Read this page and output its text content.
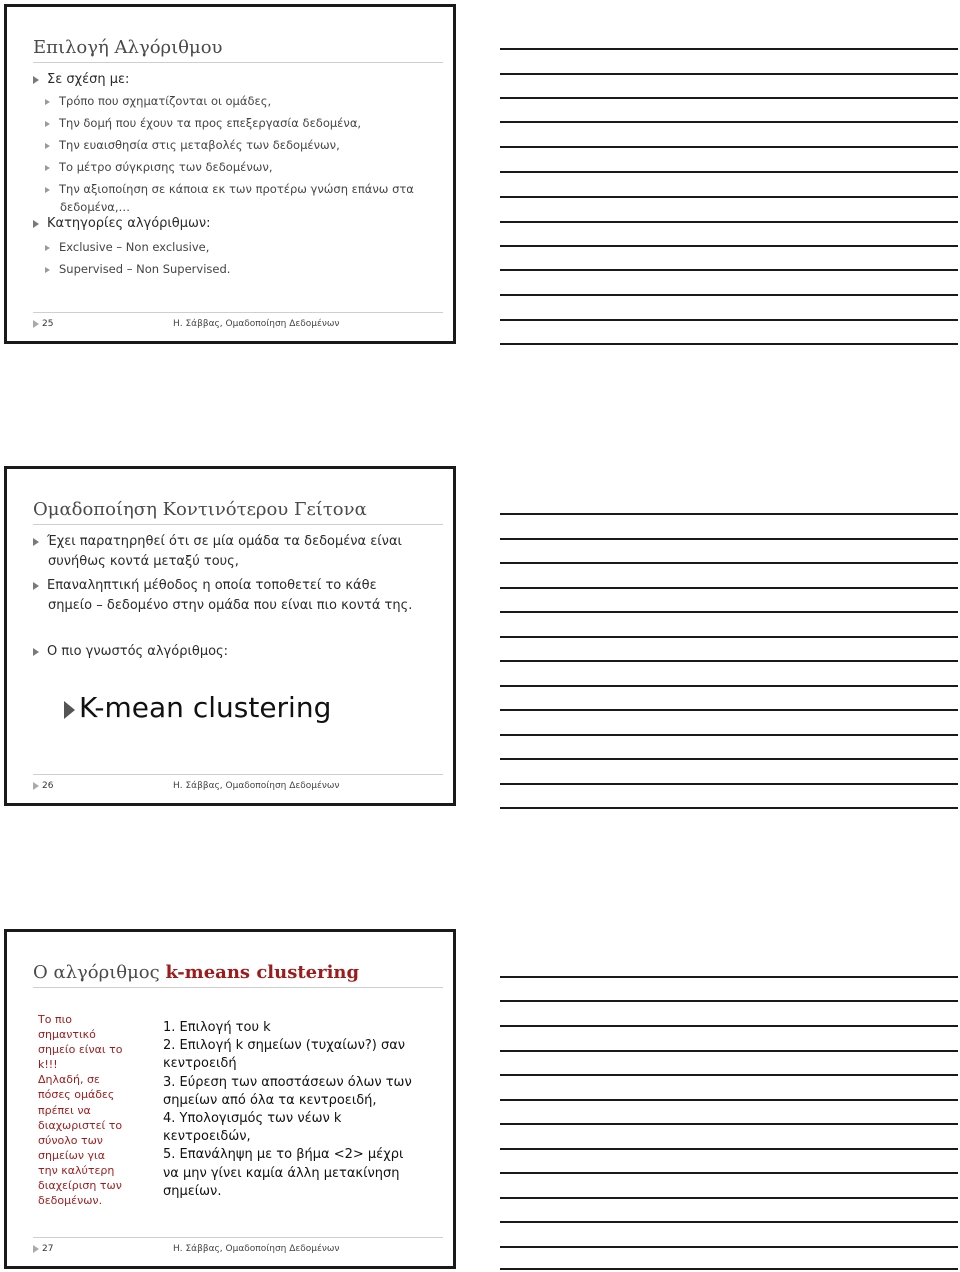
Επιλογή Αλγόριθμου
Σε σχέση με:
Τρόπο που σχηματίζονται οι ομάδες,
Την δομή που έχουν τα προς επεξεργασία δεδομένα,
Την ευαισθησία στις μεταβολές των δεδομένων,
Το μέτρο σύγκρισης των δεδομένων,
Την αξιοποίηση σε κάποια εκ των προτέρω γνώση επάνω στα
δεδομένα,…
Κατηγορίες αλγόριθμων:
Exclusive – Non exclusive,
Supervised – Non Supervised.
25	Η. Σάββας, Ομαδοποίηση Δεδομένων
Ομαδοποίηση Κοντινότερου Γείτονα
Έχει παρατηρηθεί ότι σε μία ομάδα τα δεδομένα είναι
συνήθως κοντά μεταξύ τους,
Επαναληπτική μέθοδος η οποία τοποθετεί το κάθε
σημείο – δεδομένο στην ομάδα που είναι πιο κοντά της.
Ο πιο γνωστός αλγόριθμος:
K-mean clustering
26	Η. Σάββας, Ομαδοποίηση Δεδομένων
Ο αλγόριθμος k-means clustering
Το πιο
σημαντικό
σημείο είναι το
k!!!
Δηλαδή, σε
πόσες ομάδες
πρέπει να
διαχωριστεί το
σύνολο των
σημείων για
την καλύτερη
διαχείριση των
δεδομένων.

1. Επιλογή του k

2. Επιλογή k σημείων (τυχαίων?) σαν

κεντροειδή

3. Εύρεση των αποστάσεων όλων των

σημείων από όλα τα κεντροειδή,

4. Υπολογισμός των νέων k

κεντροειδών,

5. Επανάληψη με το βήμα <2> μέχρι

να μην γίνει καμία άλλη μετακίνηση

σημείων.

27	Η. Σάββας, Ομαδοποίηση Δεδομένων
